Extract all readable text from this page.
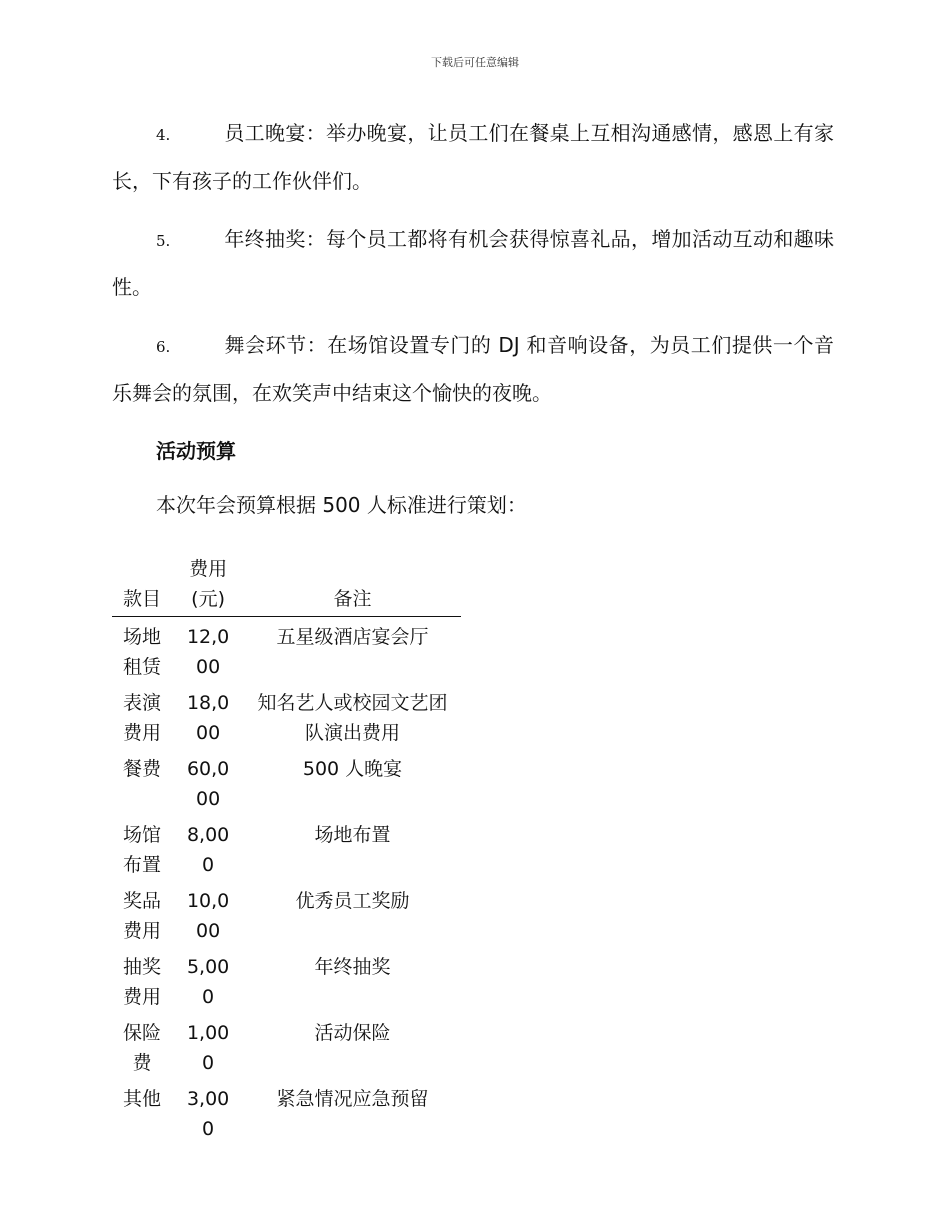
下载后可任意编辑

4.	员工晚宴：举办晚宴，让员工们在餐桌上互相沟通感情，感恩上有家长，下有孩子的工作伙伴们。

5.	年终抽奖：每个员工都将有机会获得惊喜礼品，增加活动互动和趣味性。

6.	舞会环节：在场馆设置专门的 DJ 和音响设备，为员工们提供一个音乐舞会的氛围，在欢笑声中结束这个愉快的夜晚。

活动预算
本次年会预算根据 500 人标准进行策划：
款目	费用(元)	备注

场地租赁	12,000	五星级酒店宴会厅

表演费用	18,000	知名艺人或校园文艺团队演出费用

餐费	60,000	500 人晚宴

场馆布置	8,000	场地布置

奖品费用	10,000	优秀员工奖励

抽奖费用	5,000	年终抽奖

保险费	1,000	活动保险

其他	3,000	紧急情况应急预留
